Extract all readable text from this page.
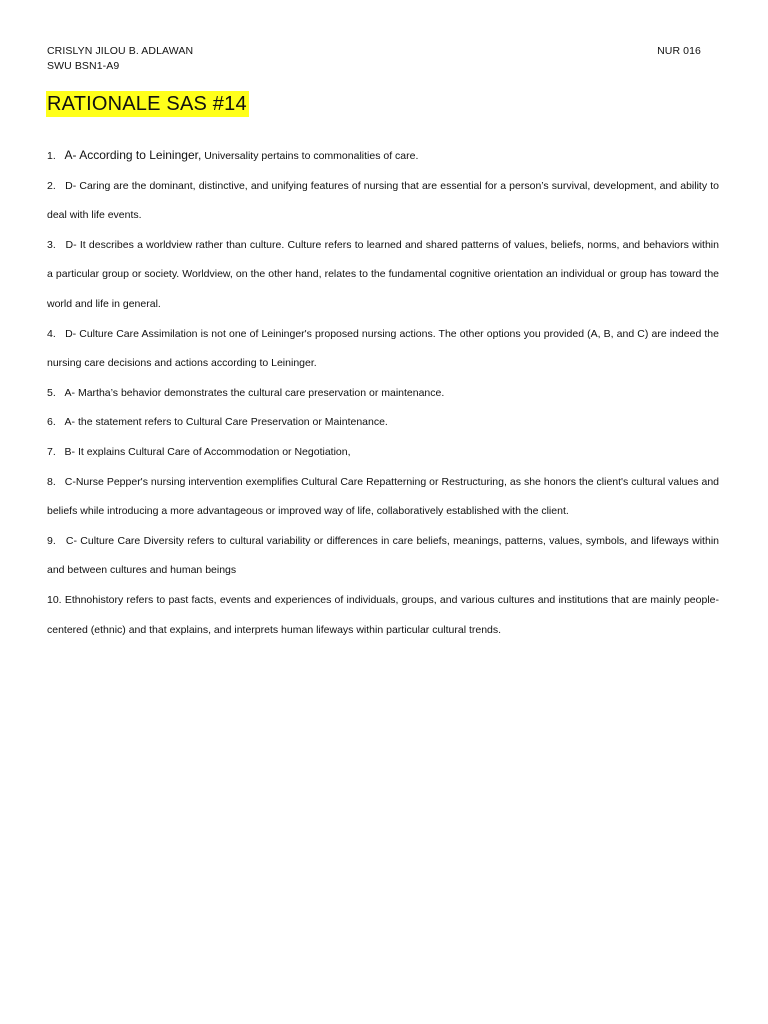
CRISLYN JILOU B. ADLAWAN	NUR 016
SWU BSN1-A9
RATIONALE SAS #14

1. A- According to Leininger, Universality pertains to commonalities of care.

2. D- Caring are the dominant, distinctive, and unifying features of nursing that are essential for a person’s survival, development, and ability to deal with life events.

3. D- It describes a worldview rather than culture. Culture refers to learned and shared patterns of values, beliefs, norms, and behaviors within a particular group or society. Worldview, on the other hand, relates to the fundamental cognitive orientation an individual or group has toward the world and life in general.

4. D- Culture Care Assimilation is not one of Leininger's proposed nursing actions. The other options you provided (A, B, and C) are indeed the nursing care decisions and actions according to Leininger.

5. A- Martha’s behavior demonstrates the cultural care preservation or maintenance.

6. A- the statement refers to Cultural Care Preservation or Maintenance.

7. B- It explains Cultural Care of Accommodation or Negotiation,

8. C-Nurse Pepper's nursing intervention exemplifies Cultural Care Repatterning or Restructuring, as she honors the client's cultural values and beliefs while introducing a more advantageous or improved way of life, collaboratively established with the client.

9. C- Culture Care Diversity refers to cultural variability or differences in care beliefs, meanings, patterns, values, symbols, and lifeways within and between cultures and human beings

10. Ethnohistory refers to past facts, events and experiences of individuals, groups, and various cultures and institutions that are mainly people-centered (ethnic) and that explains, and interprets human lifeways within particular cultural trends.
